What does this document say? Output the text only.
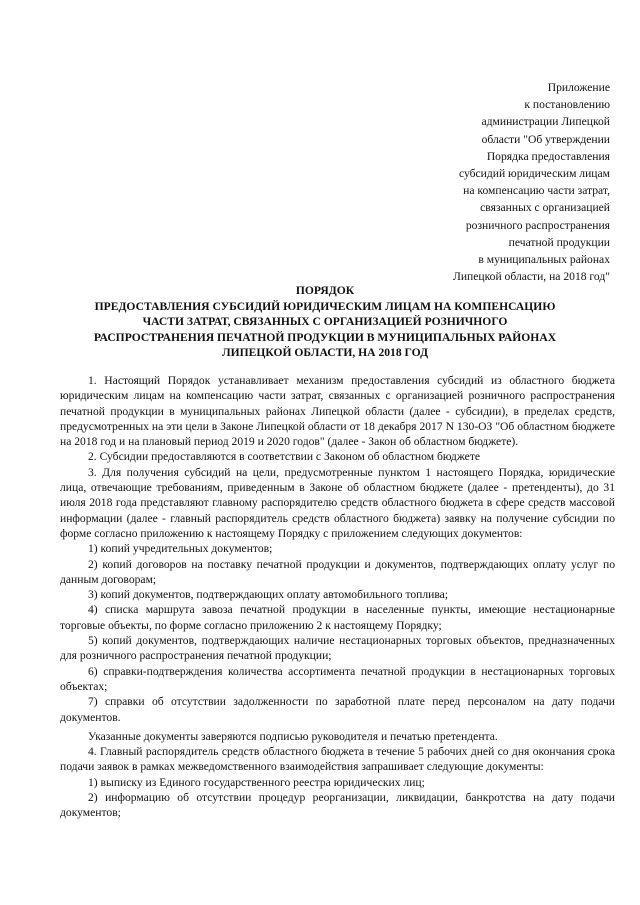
Приложение
к постановлению
администрации Липецкой
области "Об утверждении
Порядка предоставления
субсидий юридическим лицам
на компенсацию части затрат,
связанных с организацией
розничного распространения
печатной продукции
в муниципальных районах
Липецкой области, на 2018 год"
ПОРЯДОК
ПРЕДОСТАВЛЕНИЯ СУБСИДИЙ ЮРИДИЧЕСКИМ ЛИЦАМ НА КОМПЕНСАЦИЮ
ЧАСТИ ЗАТРАТ, СВЯЗАННЫХ С ОРГАНИЗАЦИЕЙ РОЗНИЧНОГО
РАСПРОСТРАНЕНИЯ ПЕЧАТНОЙ ПРОДУКЦИИ В МУНИЦИПАЛЬНЫХ РАЙОНАХ
ЛИПЕЦКОЙ ОБЛАСТИ, НА 2018 ГОД

1. Настоящий Порядок устанавливает механизм предоставления субсидий из областного бюджета юридическим лицам на компенсацию части затрат, связанных с организацией розничного распространения печатной продукции в муниципальных районах Липецкой области (далее - субсидии), в пределах средств, предусмотренных на эти цели в Законе Липецкой области от 18 декабря 2017 N 130-ОЗ "Об областном бюджете на 2018 год и на плановый период 2019 и 2020 годов" (далее - Закон об областном бюджете).

2. Субсидии предоставляются в соответствии с Законом об областном бюджете

3. Для получения субсидий на цели, предусмотренные пунктом 1 настоящего Порядка, юридические лица, отвечающие требованиям, приведенным в Законе об областном бюджете (далее - претенденты), до 31 июля 2018 года представляют главному распорядителю средств областного бюджета в сфере средств массовой информации (далее - главный распорядитель средств областного бюджета) заявку на получение субсидии по форме согласно приложению к настоящему Порядку с приложением следующих документов:

1) копий учредительных документов;

2) копий договоров на поставку печатной продукции и документов, подтверждающих оплату услуг по данным договорам;

3) копий документов, подтверждающих оплату автомобильного топлива;

4) списка маршрута завоза печатной продукции в населенные пункты, имеющие нестационарные торговые объекты, по форме согласно приложению 2 к настоящему Порядку;

5) копий документов, подтверждающих наличие нестационарных торговых объектов, предназначенных для розничного распространения печатной продукции;

6) справки-подтверждения количества ассортимента печатной продукции в нестационарных торговых объектах;

7) справки об отсутствии задолженности по заработной плате перед персоналом на дату подачи документов.

Указанные документы заверяются подписью руководителя и печатью претендента.

4. Главный распорядитель средств областного бюджета в течение 5 рабочих дней со дня окончания срока подачи заявок в рамках межведомственного взаимодействия запрашивает следующие документы:

1) выписку из Единого государственного реестра юридических лиц;

2) информацию об отсутствии процедур реорганизации, ликвидации, банкротства на дату подачи документов;
